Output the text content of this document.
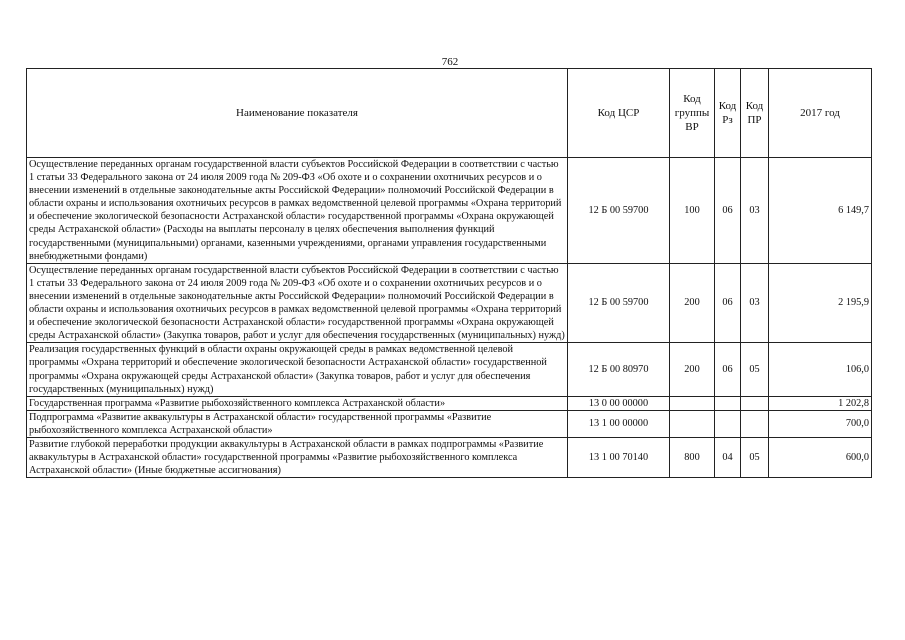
762
Наименование показателя	Код ЦСР	Код группы ВР	Код Рз	Код ПР	2017 год
Осуществление переданных органам государственной власти субъектов Российской Федерации в соответствии с частью 1 статьи 33 Федерального закона от 24 июля 2009 года № 209-ФЗ «Об охоте и о сохранении охотничьих ресурсов и о внесении изменений в отдельные законодательные акты Российской Федерации» полномочий Российской Федерации в области охраны и использования охотничьих ресурсов в рамках ведомственной целевой программы «Охрана территорий и обеспечение экологической безопасности Астраханской области» государственной программы «Охрана окружающей среды Астраханской области» (Расходы на выплаты персоналу в целях обеспечения выполнения функций государственными (муниципальными) органами, казенными учреждениями, органами управления государственными внебюджетными фондами)	12 Б 00 59700	100	06	03	6 149,7
Осуществление переданных органам государственной власти субъектов Российской Федерации в соответствии с частью 1 статьи 33 Федерального закона от 24 июля 2009 года № 209-ФЗ «Об охоте и о сохранении охотничьих ресурсов и о внесении изменений в отдельные законодательные акты Российской Федерации» полномочий Российской Федерации в области охраны и использования охотничьих ресурсов в рамках ведомственной целевой программы «Охрана территорий и обеспечение экологической безопасности Астраханской области» государственной программы «Охрана окружающей среды Астраханской области» (Закупка товаров, работ и услуг для обеспечения государственных (муниципальных) нужд)	12 Б 00 59700	200	06	03	2 195,9
Реализация государственных функций в области охраны окружающей среды в рамках ведомственной целевой программы «Охрана территорий и обеспечение экологической безопасности Астраханской области» государственной программы «Охрана окружающей среды Астраханской области» (Закупка товаров, работ и услуг для обеспечения государственных (муниципальных) нужд)	12 Б 00 80970	200	06	05	106,0
Государственная программа «Развитие рыбохозяйственного комплекса Астраханской области»	13 0 00 00000				1 202,8
Подпрограмма «Развитие аквакультуры в Астраханской области» государственной программы «Развитие рыбохозяйственного комплекса Астраханской области»	13 1 00 00000				700,0
Развитие глубокой переработки продукции аквакультуры в Астраханской области в рамках подпрограммы «Развитие аквакультуры в Астраханской области» государственной программы «Развитие рыбохозяйственного комплекса Астраханской области» (Иные бюджетные ассигнования)	13 1 00 70140	800	04	05	600,0
